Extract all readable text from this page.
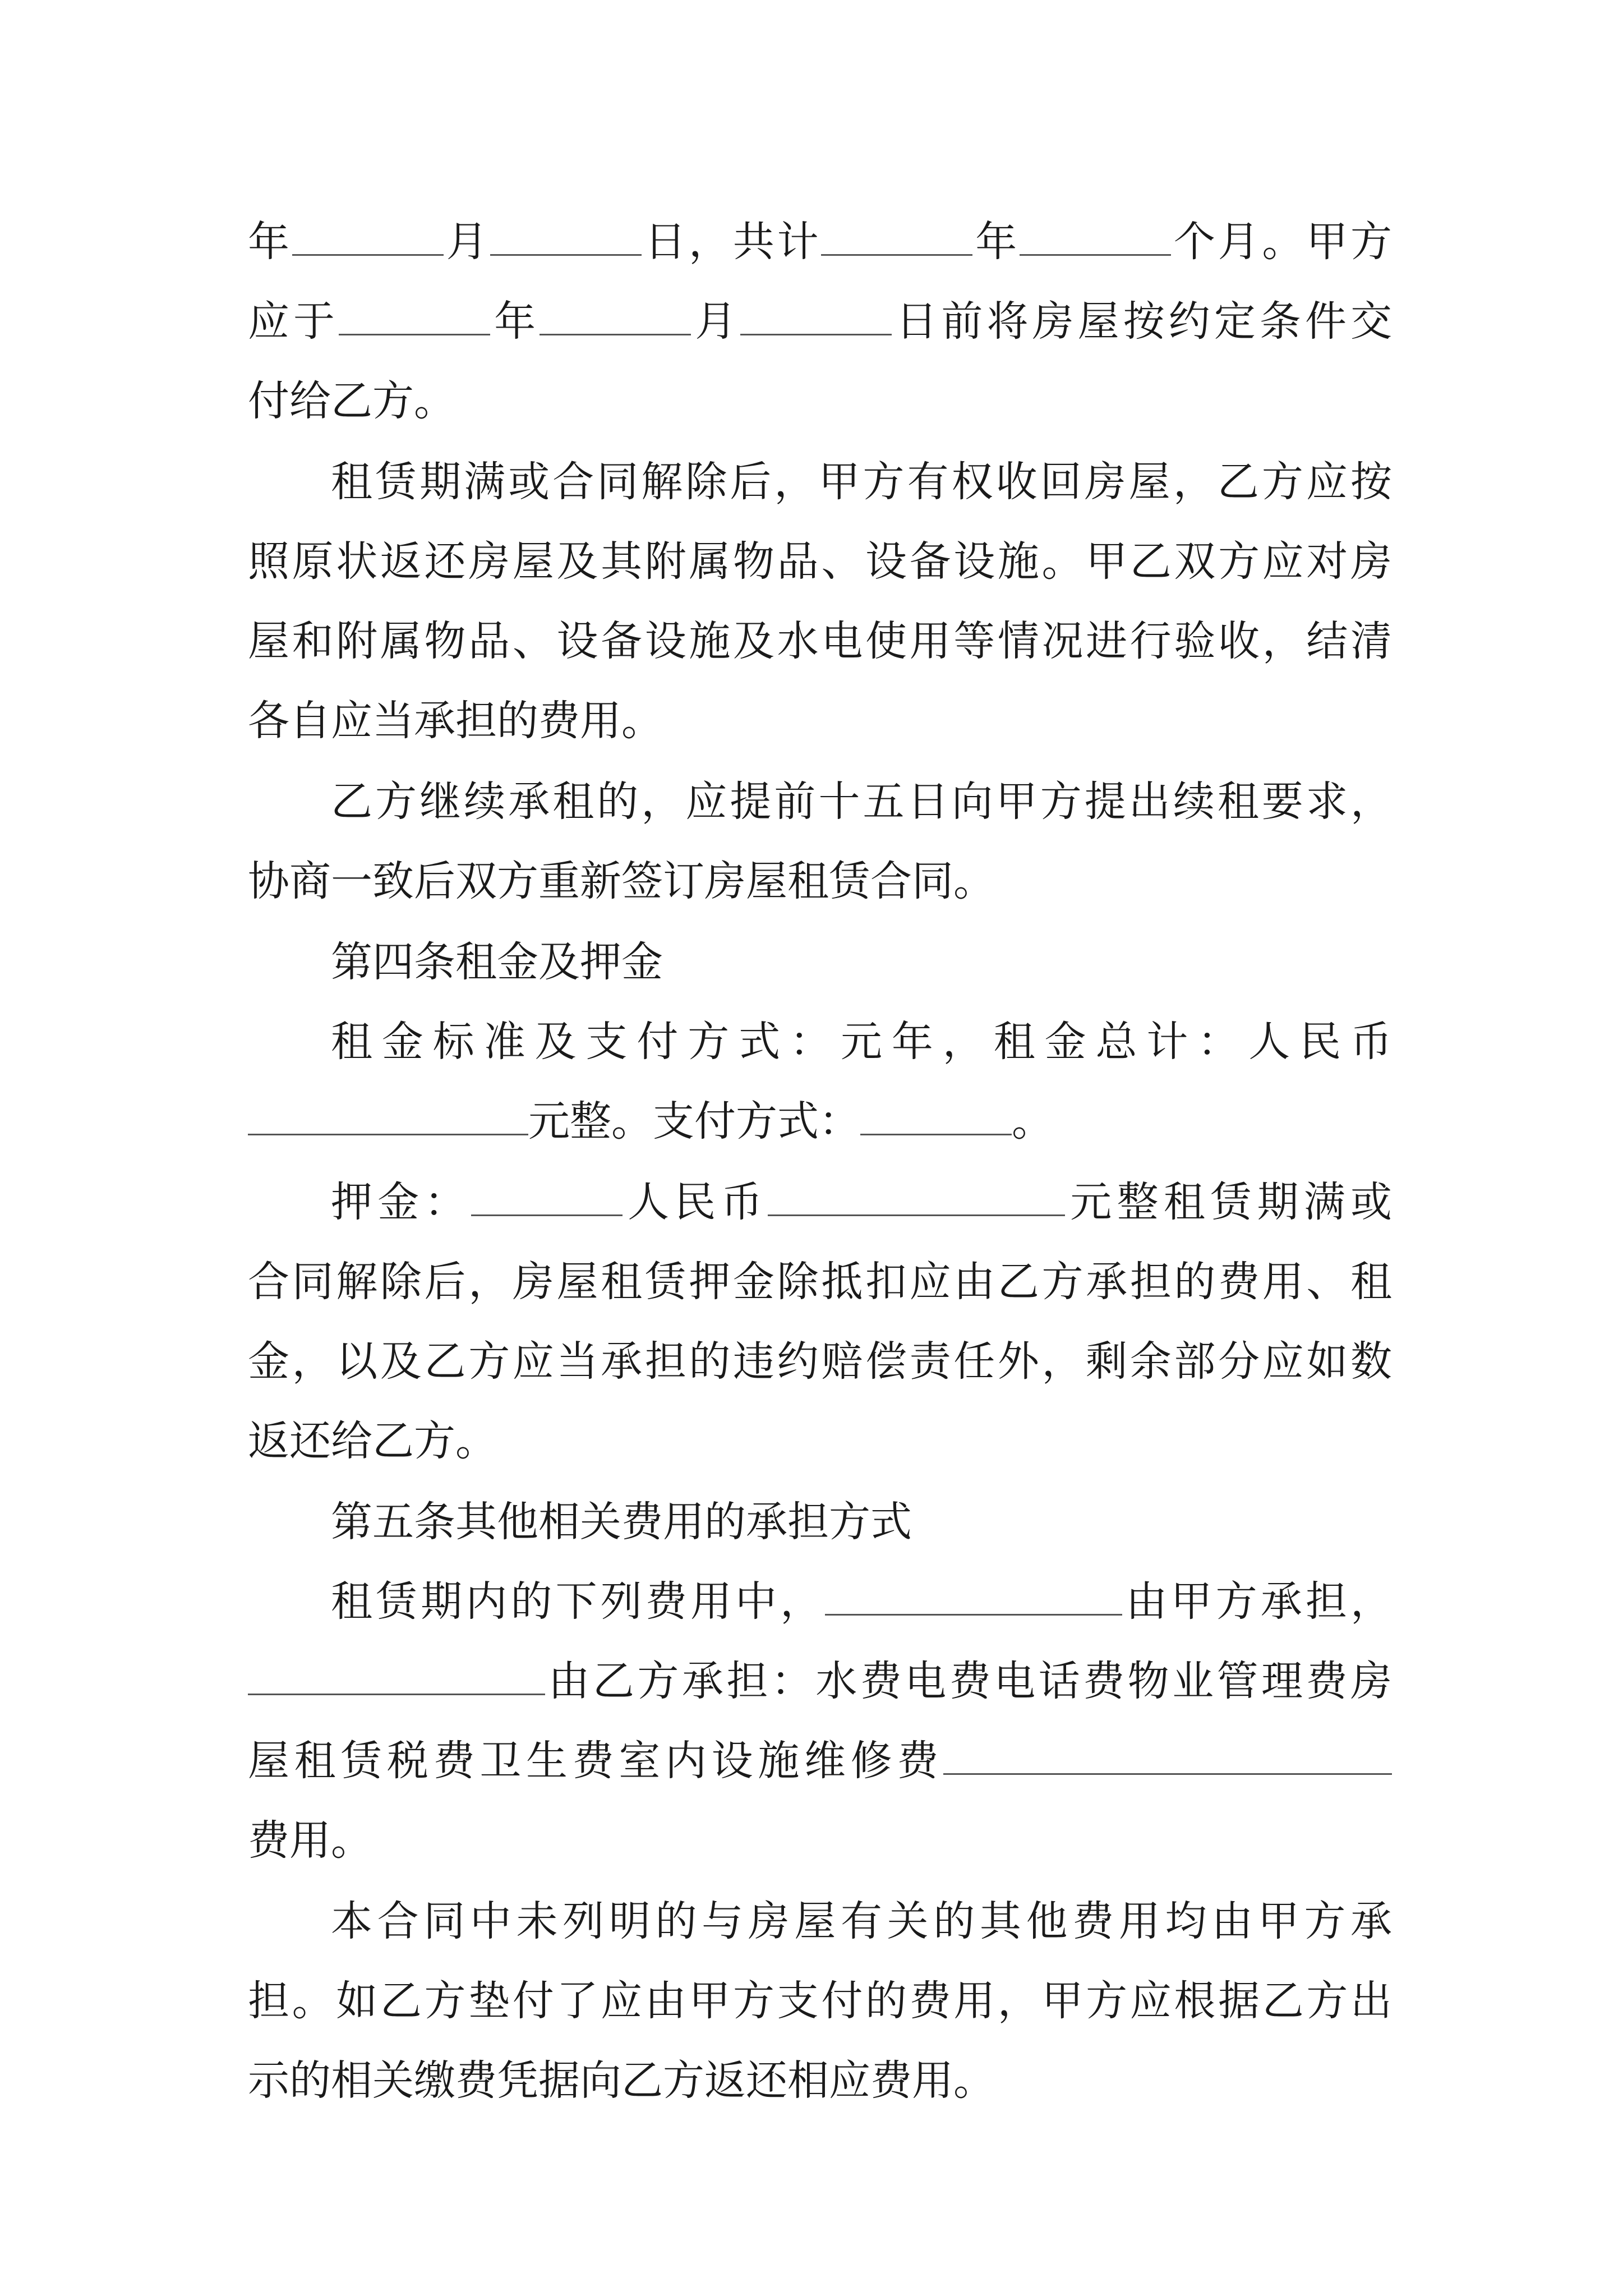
年	月	日，共计	年	个月。甲方
应于	年	月	日前将房屋按约定条件交
付给乙方。
租赁期满或合同解除后，甲方有权收回房屋，乙方应按
照原状返还房屋及其附属物品、设备设施。甲乙双方应对房
屋和附属物品、设备设施及水电使用等情况进行验收，结清
各自应当承担的费用。
乙方继续承租的，应提前十五日向甲方提出续租要求，
协商一致后双方重新签订房屋租赁合同。
第四条租金及押金
租金标准及支付方式：元年，租金总计：人民币
元整。支付方式：	。
押金：	人民币	元整租赁期满或
合同解除后，房屋租赁押金除抵扣应由乙方承担的费用、租
金，以及乙方应当承担的违约赔偿责任外，剩余部分应如数
返还给乙方。
第五条其他相关费用的承担方式
租赁期内的下列费用中，	由甲方承担，
由乙方承担：水费电费电话费物业管理费房
屋租赁税费卫生费室内设施维修费
费用。
本合同中未列明的与房屋有关的其他费用均由甲方承
担。如乙方垫付了应由甲方支付的费用，甲方应根据乙方出
示的相关缴费凭据向乙方返还相应费用。
